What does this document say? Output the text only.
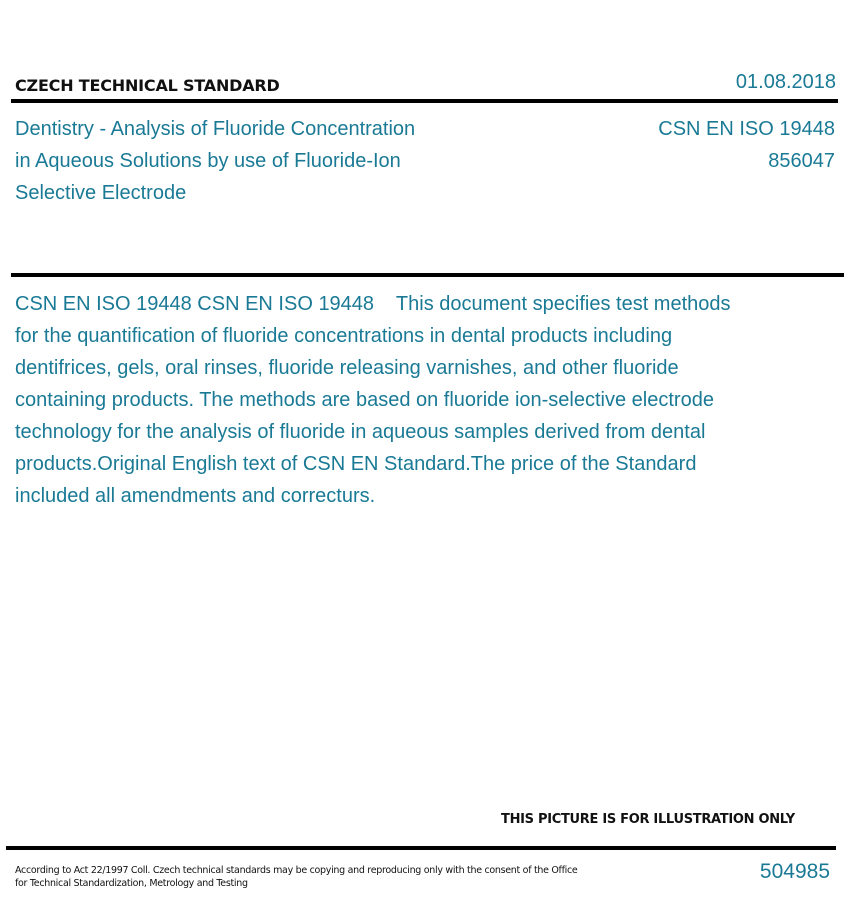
CZECH TECHNICAL STANDARD	01.08.2018
Dentistry - Analysis of Fluoride Concentration
in Aqueous Solutions by use of Fluoride-Ion
Selective Electrode
CSN EN ISO 19448
856047
CSN EN ISO 19448 CSN EN ISO 19448    This document specifies test methods
for the quantification of fluoride concentrations in dental products including
dentifrices, gels, oral rinses, fluoride releasing varnishes, and other fluoride
containing products. The methods are based on fluoride ion-selective electrode
technology for the analysis of fluoride in aqueous samples derived from dental
products.Original English text of CSN EN Standard.The price of the Standard
included all amendments and correcturs.
THIS PICTURE IS FOR ILLUSTRATION ONLY
According to Act 22/1997 Coll. Czech technical standards may be copying and reproducing only with the consent of the Office
for Technical Standardization, Metrology and Testing
504985
